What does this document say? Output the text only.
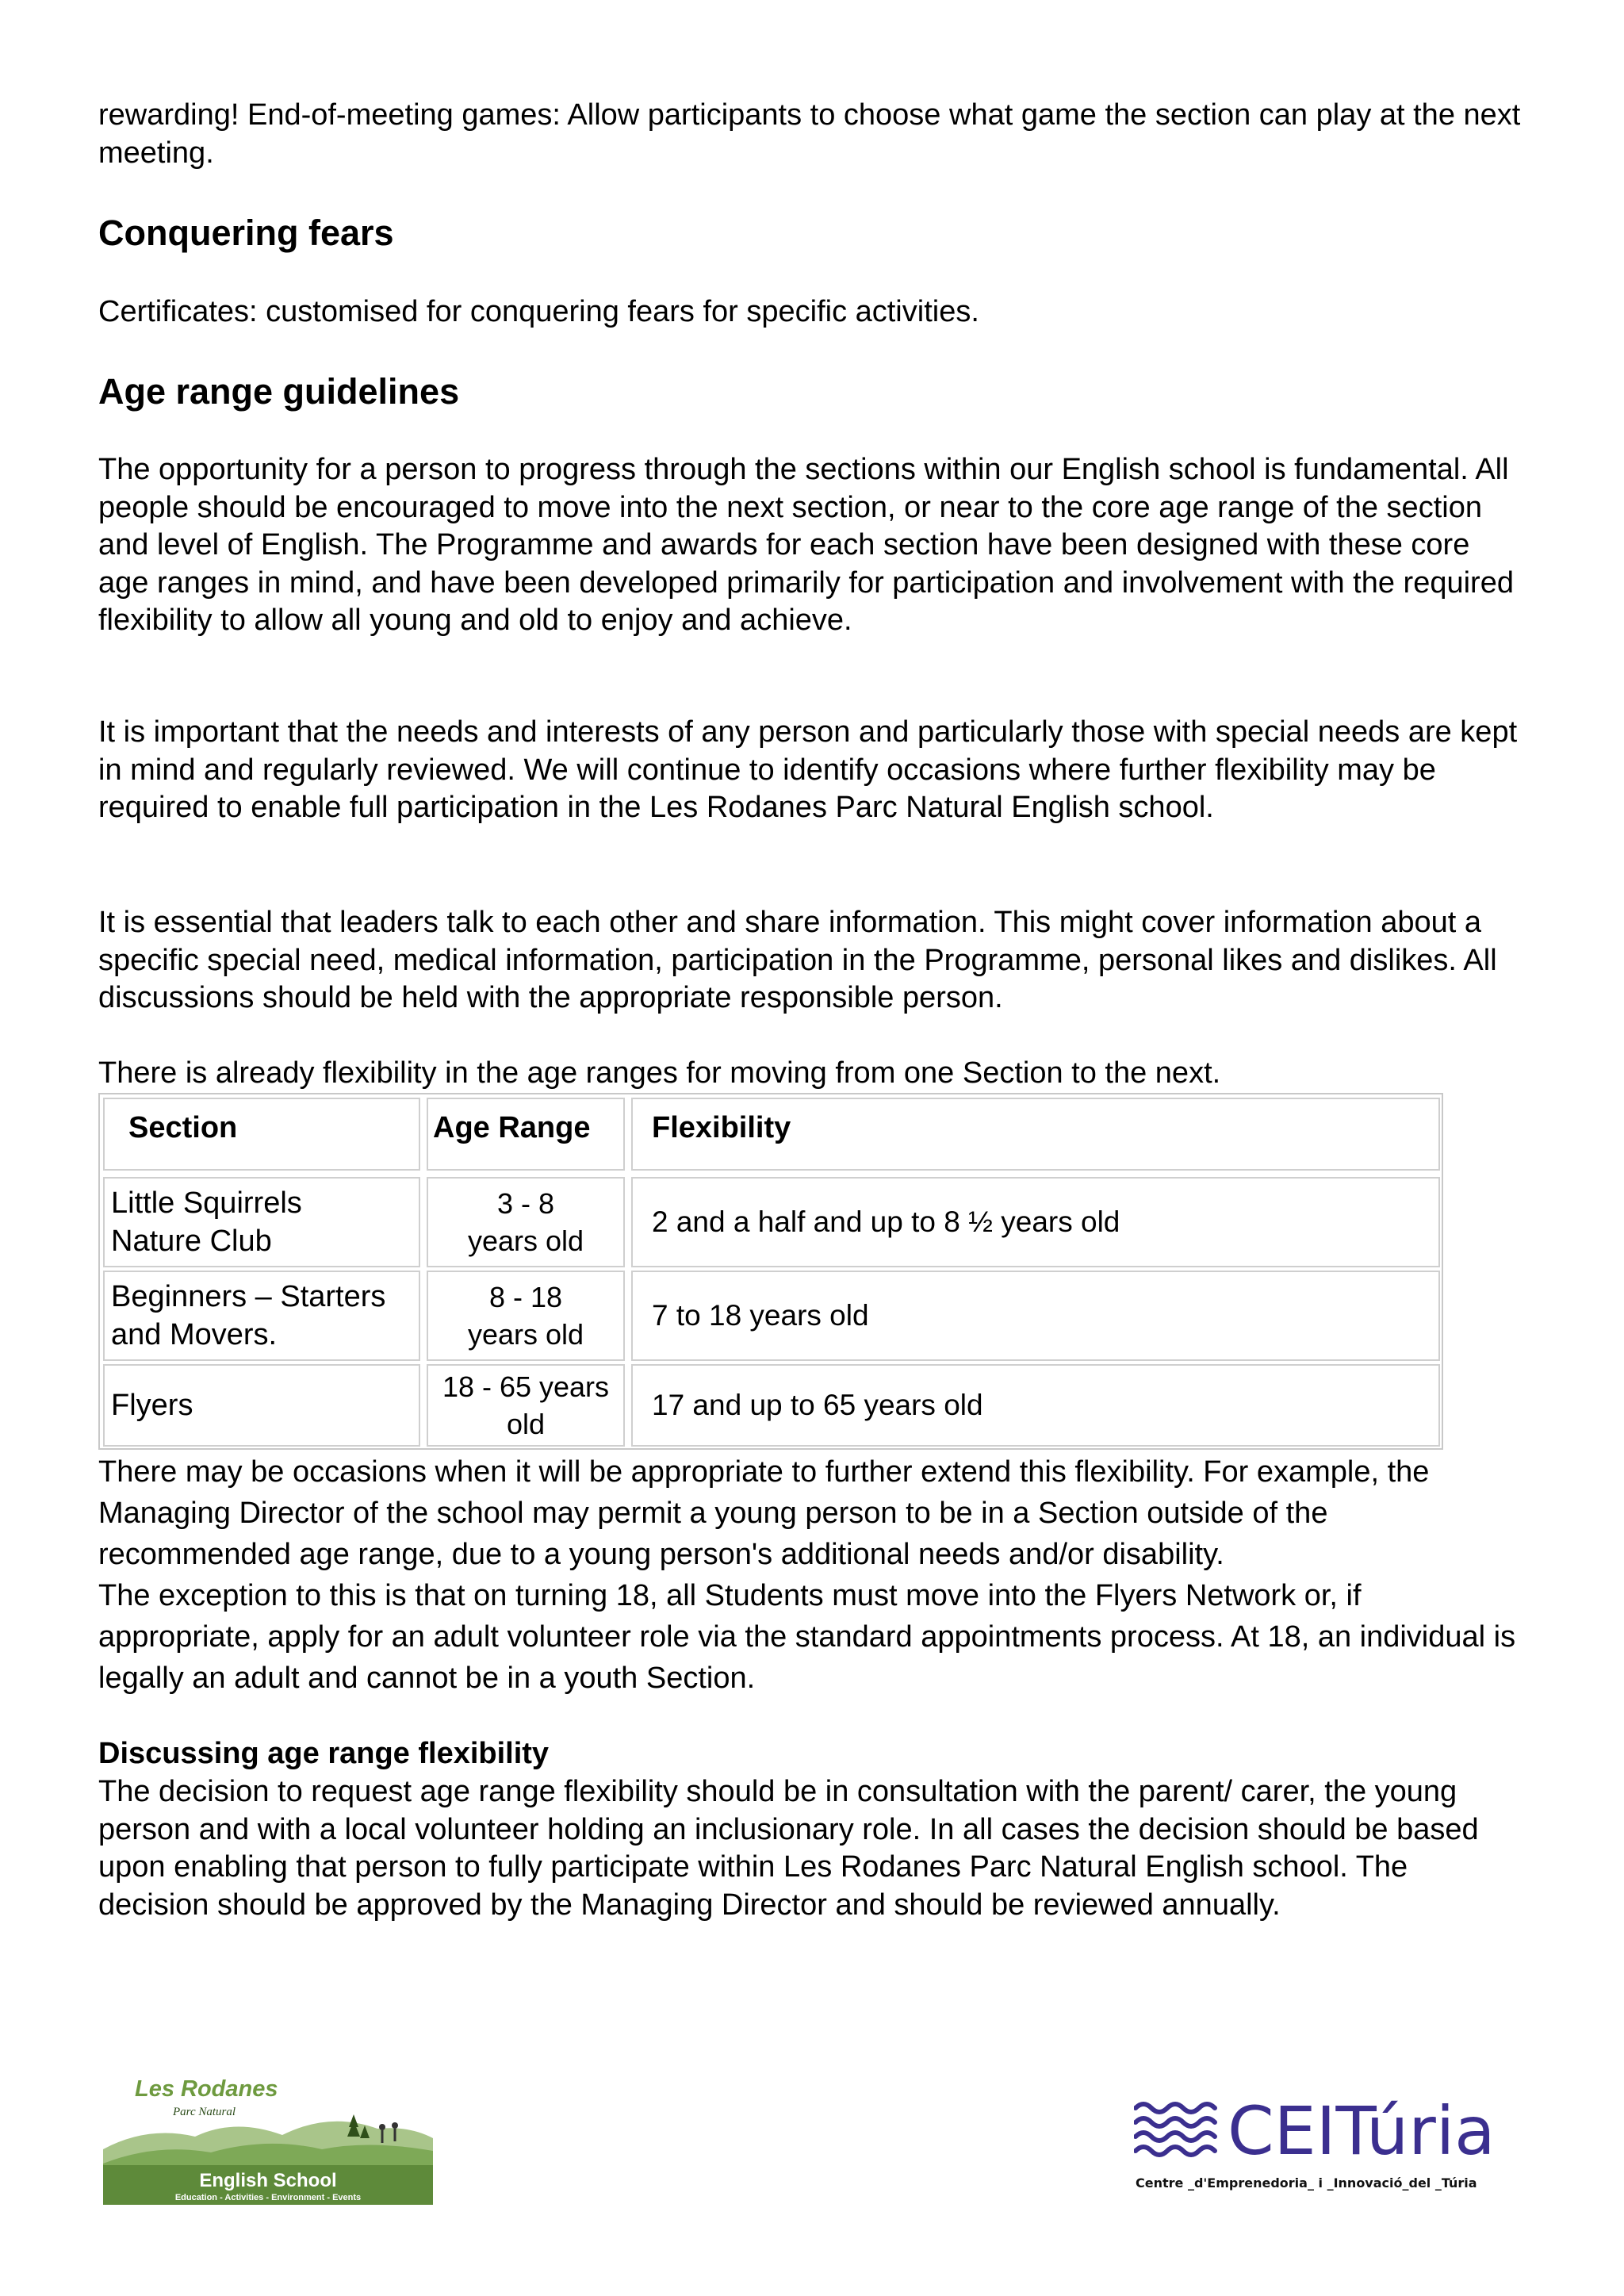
rewarding! End-of-meeting games: Allow participants to choose what game the section can play at the next meeting.

Conquering fears

Certificates: customised for conquering fears for specific activities.

Age range guidelines

The opportunity for a person to progress through the sections within our English school is fundamental. All people should be encouraged to move into the next section, or near to the core age range of the section and level of English. The Programme and awards for each section have been designed with these core age ranges in mind, and have been developed primarily for participation and involvement with the required flexibility to allow all young and old to enjoy and achieve.

It is important that the needs and interests of any person and particularly those with special needs are kept in mind and regularly reviewed. We will continue to identify occasions where further flexibility may be required to enable full participation in the Les Rodanes Parc Natural English school.

It is essential that leaders talk to each other and share information. This might cover information about a specific special need, medical information, participation in the Programme, personal likes and dislikes. All discussions should be held with the appropriate responsible person.

There is already flexibility in the age ranges for moving from one Section to the next.

Section	Age Range	Flexibility
Little Squirrels
Nature Club
3 - 8
years old
2 and a half and up to 8 ½ years old
Beginners – Starters
and Movers.
8 - 18
years old
7 to 18 years old
Flyers
18 - 65 years
old
17 and up to 65 years old

There may be occasions when it will be appropriate to further extend this flexibility. For example, the Managing Director of the school may permit a young person to be in a Section outside of the recommended age range, due to a young person's additional needs and/or disability.

The exception to this is that on turning 18, all Students must move into the Flyers Network or, if appropriate, apply for an adult volunteer role via the standard appointments process. At 18, an individual is legally an adult and cannot be in a youth Section.

Discussing age range flexibility

The decision to request age range flexibility should be in consultation with the parent/ carer, the young person and with a local volunteer holding an inclusionary role. In all cases the decision should be based upon enabling that person to fully participate within Les Rodanes Parc Natural English school. The decision should be approved by the Managing Director and should be reviewed annually.

Les Rodanes
Parc Natural
English School
Education - Activities - Environment - Events
CEITúria
Centre _d'Emprenedoria_ i _Innovació_del _Túria
